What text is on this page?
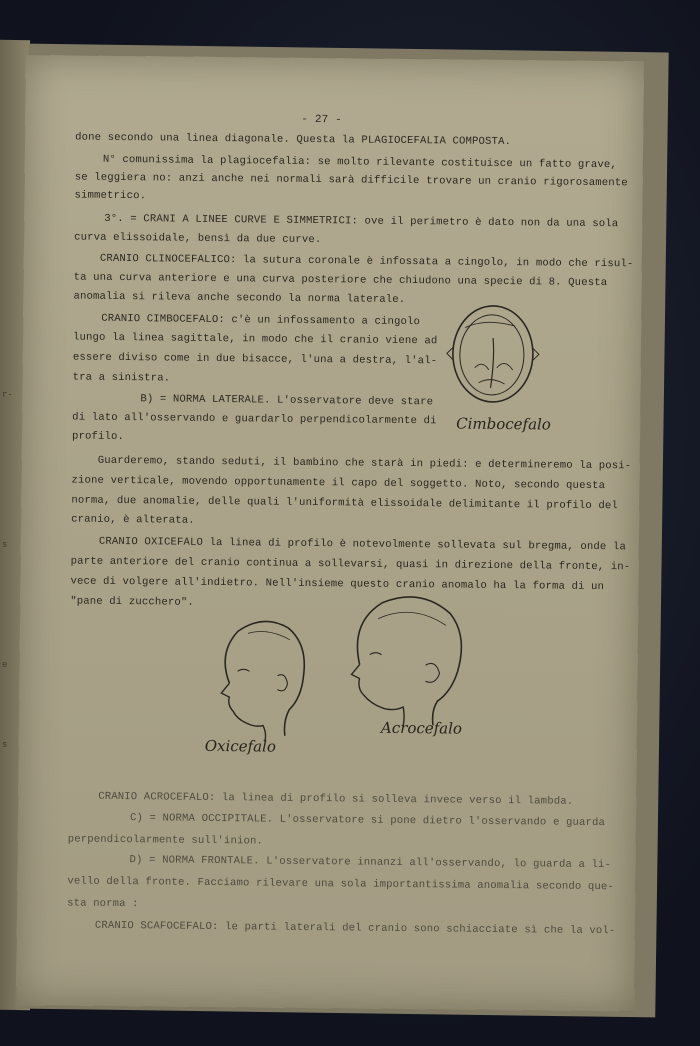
r-
s
e
s
- 27 -
done secondo una linea diagonale. Questa la PLAGIOCEFALIA COMPOSTA.
N° comunissima la plagiocefalia: se molto rilevante costituisce un fatto grave,
se leggiera no: anzi anche nei normali sarà difficile trovare un cranio rigorosamente
simmetrico.
3°. = CRANI A LINEE CURVE E SIMMETRICI: ove il perimetro è dato non da una sola
curva elissoidale, bensì da due curve.
CRANIO CLINOCEFALICO: la sutura coronale è infossata a cingolo, in modo che risul-
ta una curva anteriore e una curva posteriore che chiudono una specie di 8. Questa
anomalia si rileva anche secondo la norma laterale.
CRANIO CIMBOCEFALO: c'è un infossamento a cingolo
lungo la linea sagittale, in modo che il cranio viene ad
essere diviso come in due bisacce, l'una a destra, l'al-
tra a sinistra.
B) = NORMA LATERALE. L'osservatore deve stare
di lato all'osservando e guardarlo perpendicolarmente di
profilo.
Guarderemo, stando seduti, il bambino che starà in piedi: e determineremo la posi-
zione verticale, movendo opportunamente il capo del soggetto. Noto, secondo questa
norma, due anomalie, delle quali l'uniformità elissoidale delimitante il profilo del
cranio, è alterata.
CRANIO OXICEFALO la linea di profilo è notevolmente sollevata sul bregma, onde la
parte anteriore del cranio continua a sollevarsi, quasi in direzione della fronte, in-
vece di volgere all'indietro. Nell'insieme questo cranio anomalo ha la forma di un
"pane di zucchero".
Cimbocefalo
Oxicefalo
Acrocefalo
CRANIO ACROCEFALO: la linea di profilo si solleva invece verso il lambda.
C) = NORMA OCCIPITALE. L'osservatore si pone dietro l'osservando e guarda
perpendicolarmente sull'inion.
D) = NORMA FRONTALE. L'osservatore innanzi all'osservando, lo guarda a li-
vello della fronte. Facciamo rilevare una sola importantissima anomalia secondo que-
sta norma :
CRANIO SCAFOCEFALO: le parti laterali del cranio sono schiacciate sì che la vol-
